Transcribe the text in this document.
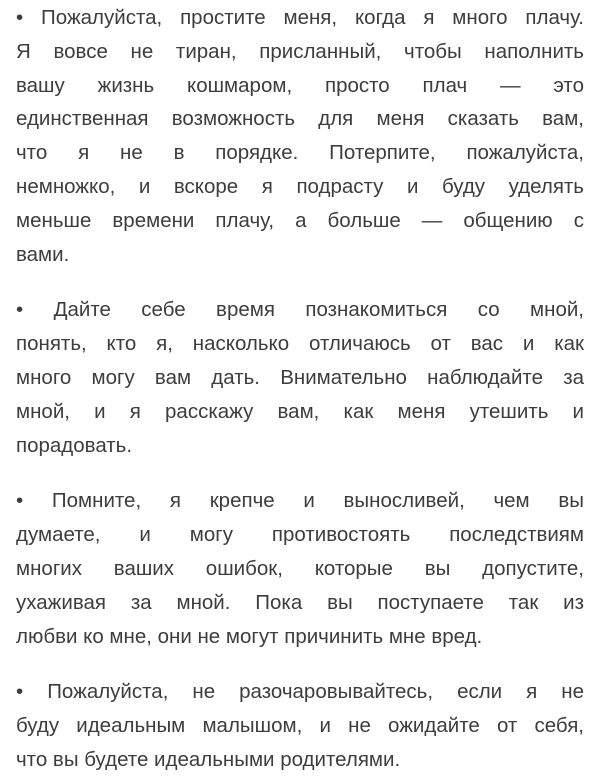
• Пожалуйста, простите меня, когда я много плачу.
Я вовсе не тиран, присланный, чтобы наполнить
вашу жизнь кошмаром, просто плач — это
единственная возможность для меня сказать вам,
что я не в порядке. Потерпите, пожалуйста,
немножко, и вскоре я подрасту и буду уделять
меньше времени плачу, а больше — общению с
вами.
• Дайте себе время познакомиться со мной,
понять, кто я, насколько отличаюсь от вас и как
много могу вам дать. Внимательно наблюдайте за
мной, и я расскажу вам, как меня утешить и
порадовать.
• Помните, я крепче и выносливей, чем вы
думаете, и могу противостоять последствиям
многих ваших ошибок, которые вы допустите,
ухаживая за мной. Пока вы поступаете так из
любви ко мне, они не могут причинить мне вред.
• Пожалуйста, не разочаровывайтесь, если я не
буду идеальным малышом, и не ожидайте от себя,
что вы будете идеальными родителями.
